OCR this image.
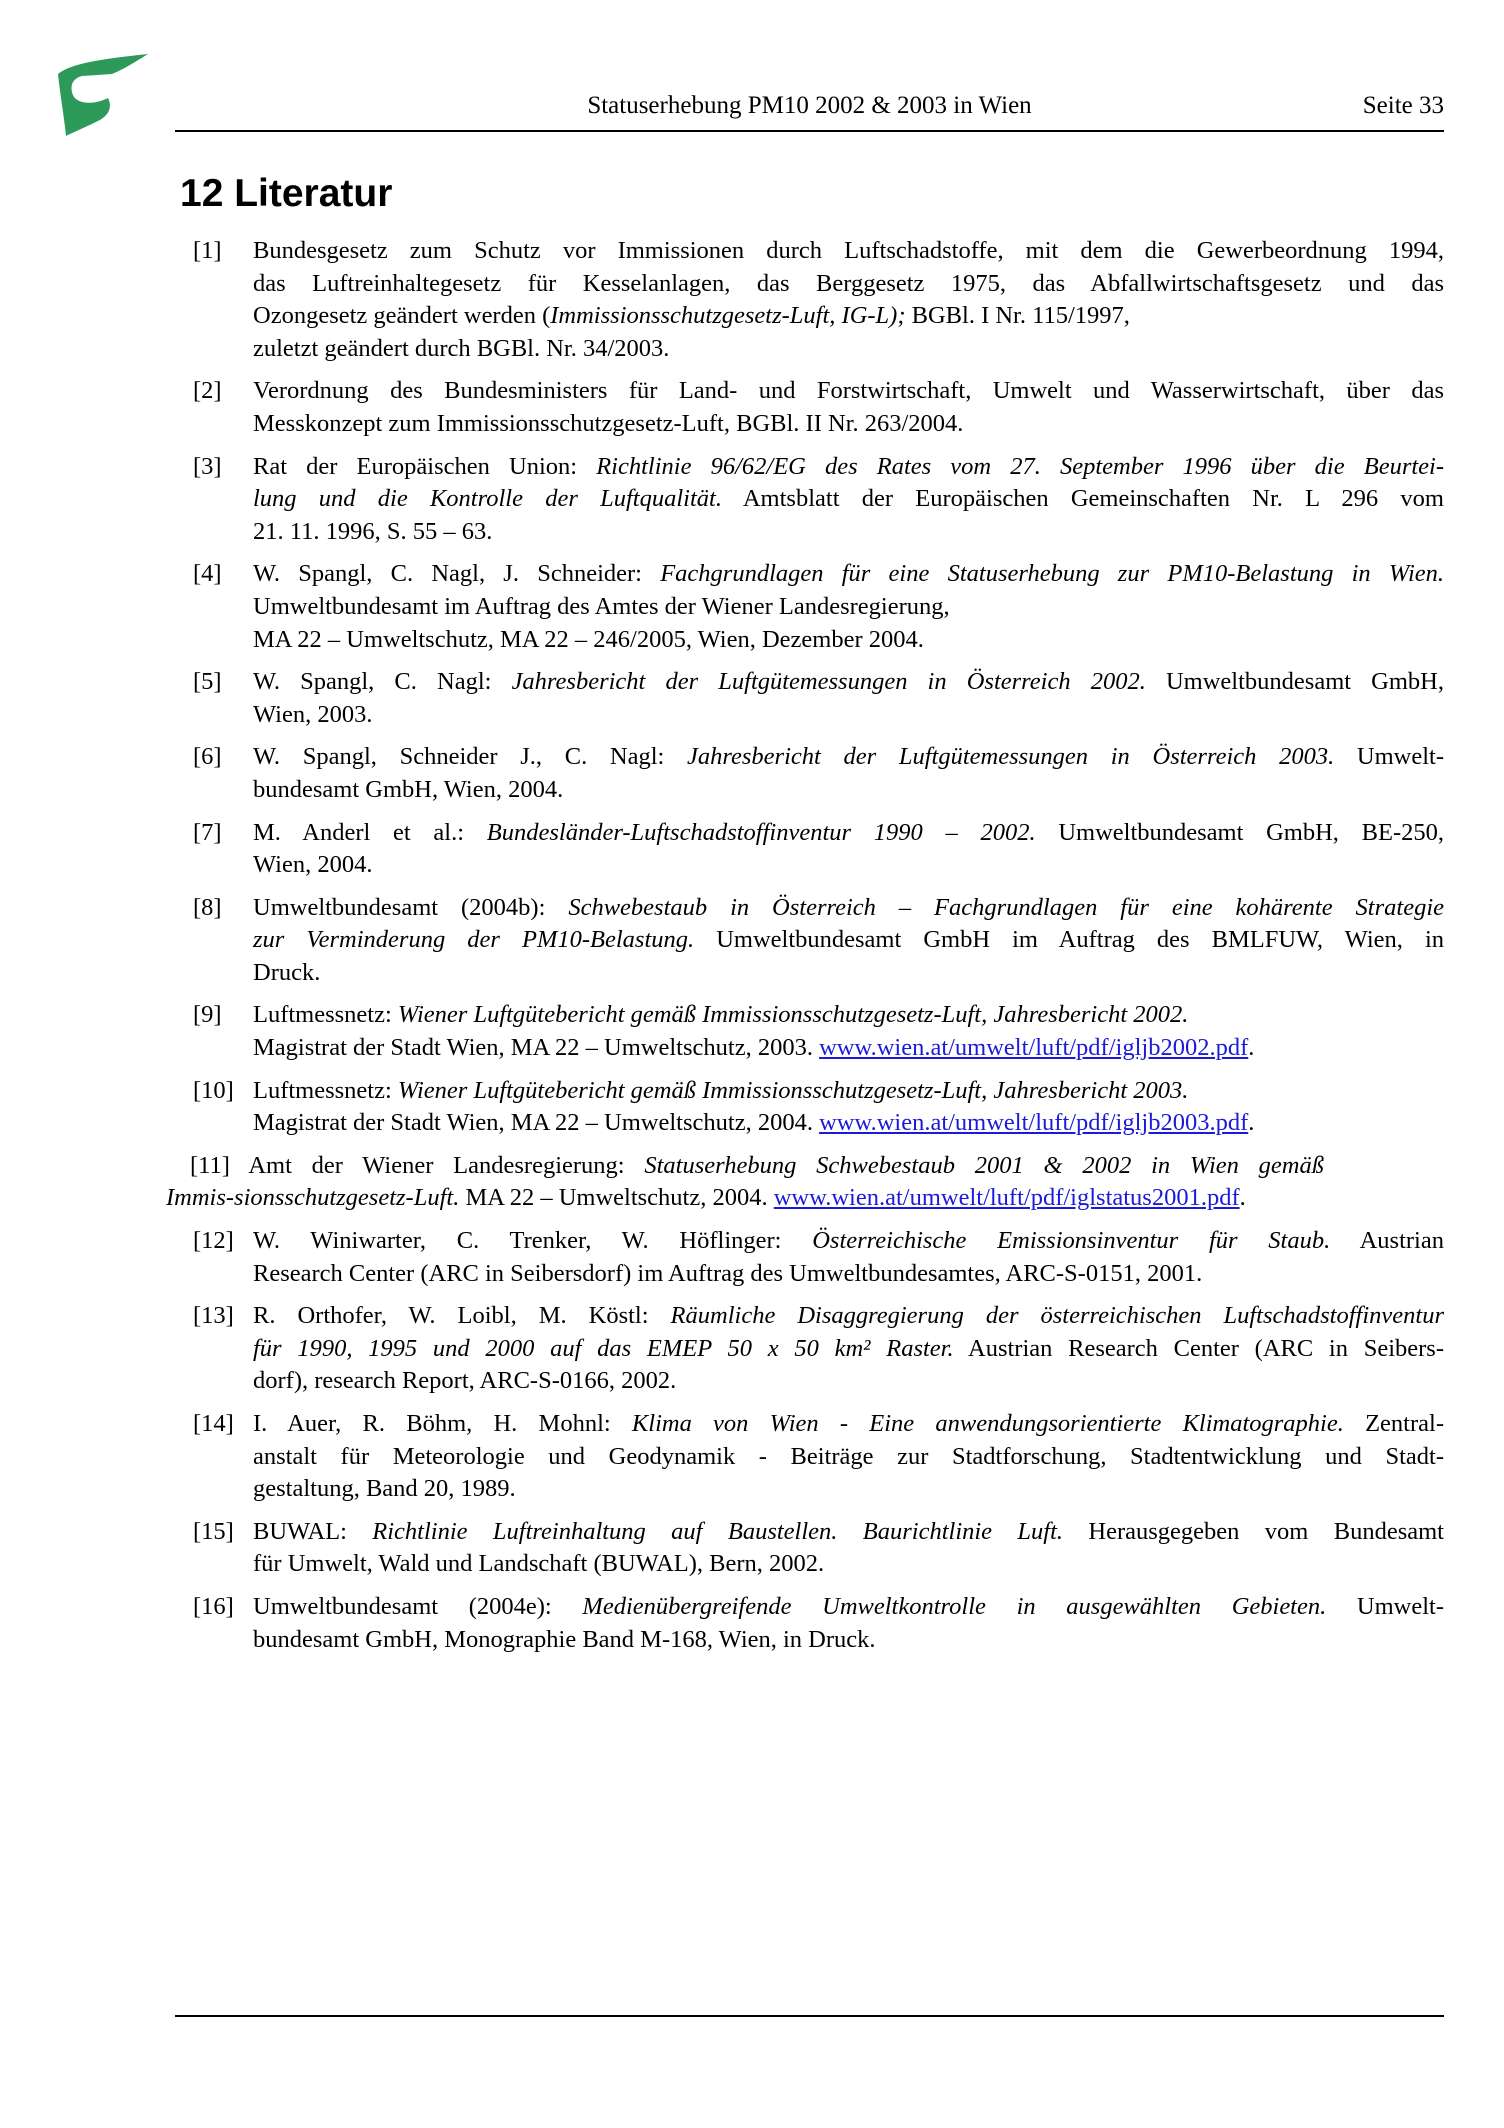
Statuserhebung PM10 2002 & 2003 in Wien	Seite 33
12 Literatur
[1] Bundesgesetz zum Schutz vor Immissionen durch Luftschadstoffe, mit dem die Gewerbeordnung 1994,
das Luftreinhaltegesetz für Kesselanlagen, das Berggesetz 1975, das Abfallwirtschaftsgesetz und das
Ozongesetz geändert werden (Immissionsschutzgesetz-Luft, IG-L); BGBl. I Nr. 115/1997,
zuletzt geändert durch BGBl. Nr. 34/2003.
[2] Verordnung des Bundesministers für Land- und Forstwirtschaft, Umwelt und Wasserwirtschaft, über das
Messkonzept zum Immissionsschutzgesetz-Luft, BGBl. II Nr. 263/2004.
[3] Rat der Europäischen Union: Richtlinie 96/62/EG des Rates vom 27. September 1996 über die Beurtei-
lung und die Kontrolle der Luftqualität. Amtsblatt der Europäischen Gemeinschaften Nr. L 296 vom
21. 11. 1996, S. 55 – 63.
[4] W. Spangl, C. Nagl, J. Schneider: Fachgrundlagen für eine Statuserhebung zur PM10-Belastung in Wien.
Umweltbundesamt im Auftrag des Amtes der Wiener Landesregierung,
MA 22 – Umweltschutz, MA 22 – 246/2005, Wien, Dezember 2004.
[5] W. Spangl, C. Nagl: Jahresbericht der Luftgütemessungen in Österreich 2002. Umweltbundesamt GmbH,
Wien, 2003.
[6] W. Spangl, Schneider J., C. Nagl: Jahresbericht der Luftgütemessungen in Österreich 2003. Umwelt-
bundesamt GmbH, Wien, 2004.
[7] M. Anderl et al.: Bundesländer-Luftschadstoffinventur 1990 – 2002. Umweltbundesamt GmbH, BE-250,
Wien, 2004.
[8] Umweltbundesamt (2004b): Schwebestaub in Österreich – Fachgrundlagen für eine kohärente Strategie
zur Verminderung der PM10-Belastung. Umweltbundesamt GmbH im Auftrag des BMLFUW, Wien, in
Druck.
[9] Luftmessnetz: Wiener Luftgütebericht gemäß Immissionsschutzgesetz-Luft, Jahresbericht 2002.
Magistrat der Stadt Wien, MA 22 – Umweltschutz, 2003. www.wien.at/umwelt/luft/pdf/igljb2002.pdf.
[10] Luftmessnetz: Wiener Luftgütebericht gemäß Immissionsschutzgesetz-Luft, Jahresbericht 2003.
Magistrat der Stadt Wien, MA 22 – Umweltschutz, 2004. www.wien.at/umwelt/luft/pdf/igljb2003.pdf.
[11] Amt der Wiener Landesregierung: Statuserhebung Schwebestaub 2001 & 2002 in Wien gemäß
Immis-sionsschutzgesetz-Luft. MA 22 – Umweltschutz, 2004. www.wien.at/umwelt/luft/pdf/iglstatus2001.pdf.
[12] W. Winiwarter, C. Trenker, W. Höflinger: Österreichische Emissionsinventur für Staub. Austrian
Research Center (ARC in Seibersdorf) im Auftrag des Umweltbundesamtes, ARC-S-0151, 2001.
[13] R. Orthofer, W. Loibl, M. Köstl: Räumliche Disaggregierung der österreichischen Luftschadstoffinventur
für 1990, 1995 und 2000 auf das EMEP 50 x 50 km² Raster. Austrian Research Center (ARC in Seibers-
dorf), research Report, ARC-S-0166, 2002.
[14] I. Auer, R. Böhm, H. Mohnl: Klima von Wien - Eine anwendungsorientierte Klimatographie. Zentral-
anstalt für Meteorologie und Geodynamik - Beiträge zur Stadtforschung, Stadtentwicklung und Stadt-
gestaltung, Band 20, 1989.
[15] BUWAL: Richtlinie Luftreinhaltung auf Baustellen. Baurichtlinie Luft. Herausgegeben vom Bundesamt
für Umwelt, Wald und Landschaft (BUWAL), Bern, 2002.
[16] Umweltbundesamt (2004e): Medienübergreifende Umweltkontrolle in ausgewählten Gebieten. Umwelt-
bundesamt GmbH, Monographie Band M-168, Wien, in Druck.
